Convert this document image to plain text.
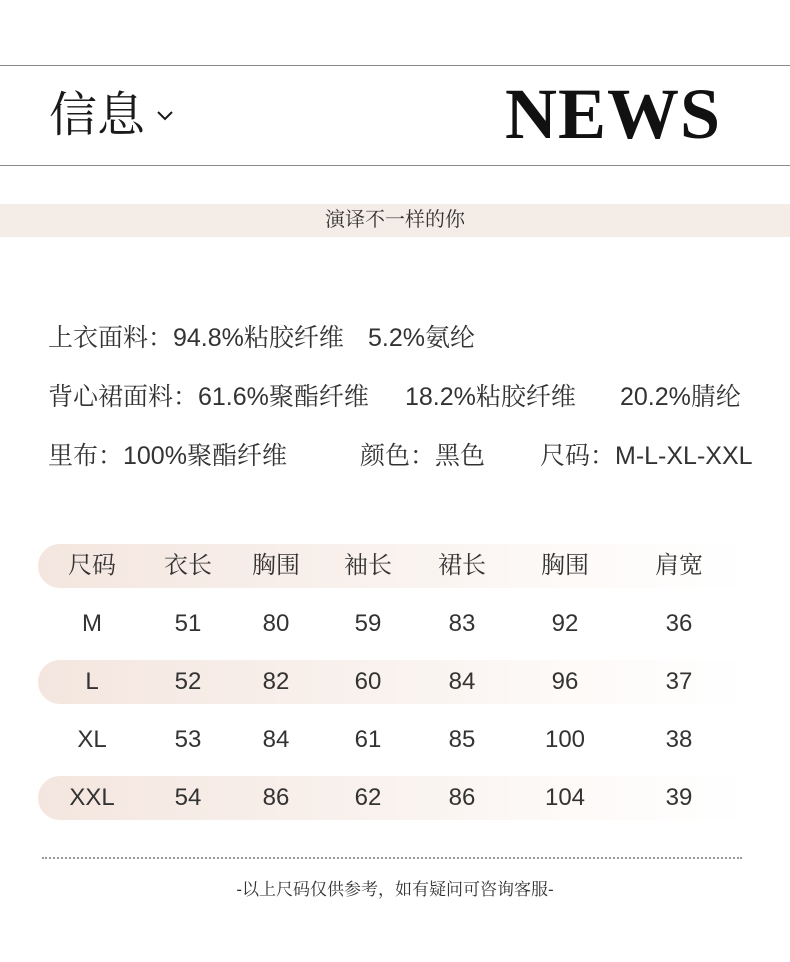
信息	NEWS
演译不一样的你
上衣面料：94.8%粘胶纤维 5.2%氨纶
背心裙面料：61.6%聚酯纤维 18.2%粘胶纤维 20.2%腈纶
里布：100%聚酯纤维	颜色：黑色 尺码：M-L-XL-XXL
尺码	衣长	胸围	袖长	裙长	胸围	肩宽
M	51	80	59	83	92	36
L	52	82	60	84	96	37
XL	53	84	61	85	100	38
XXL	54	86	62	86	104	39
-以上尺码仅供参考，如有疑问可咨询客服-
